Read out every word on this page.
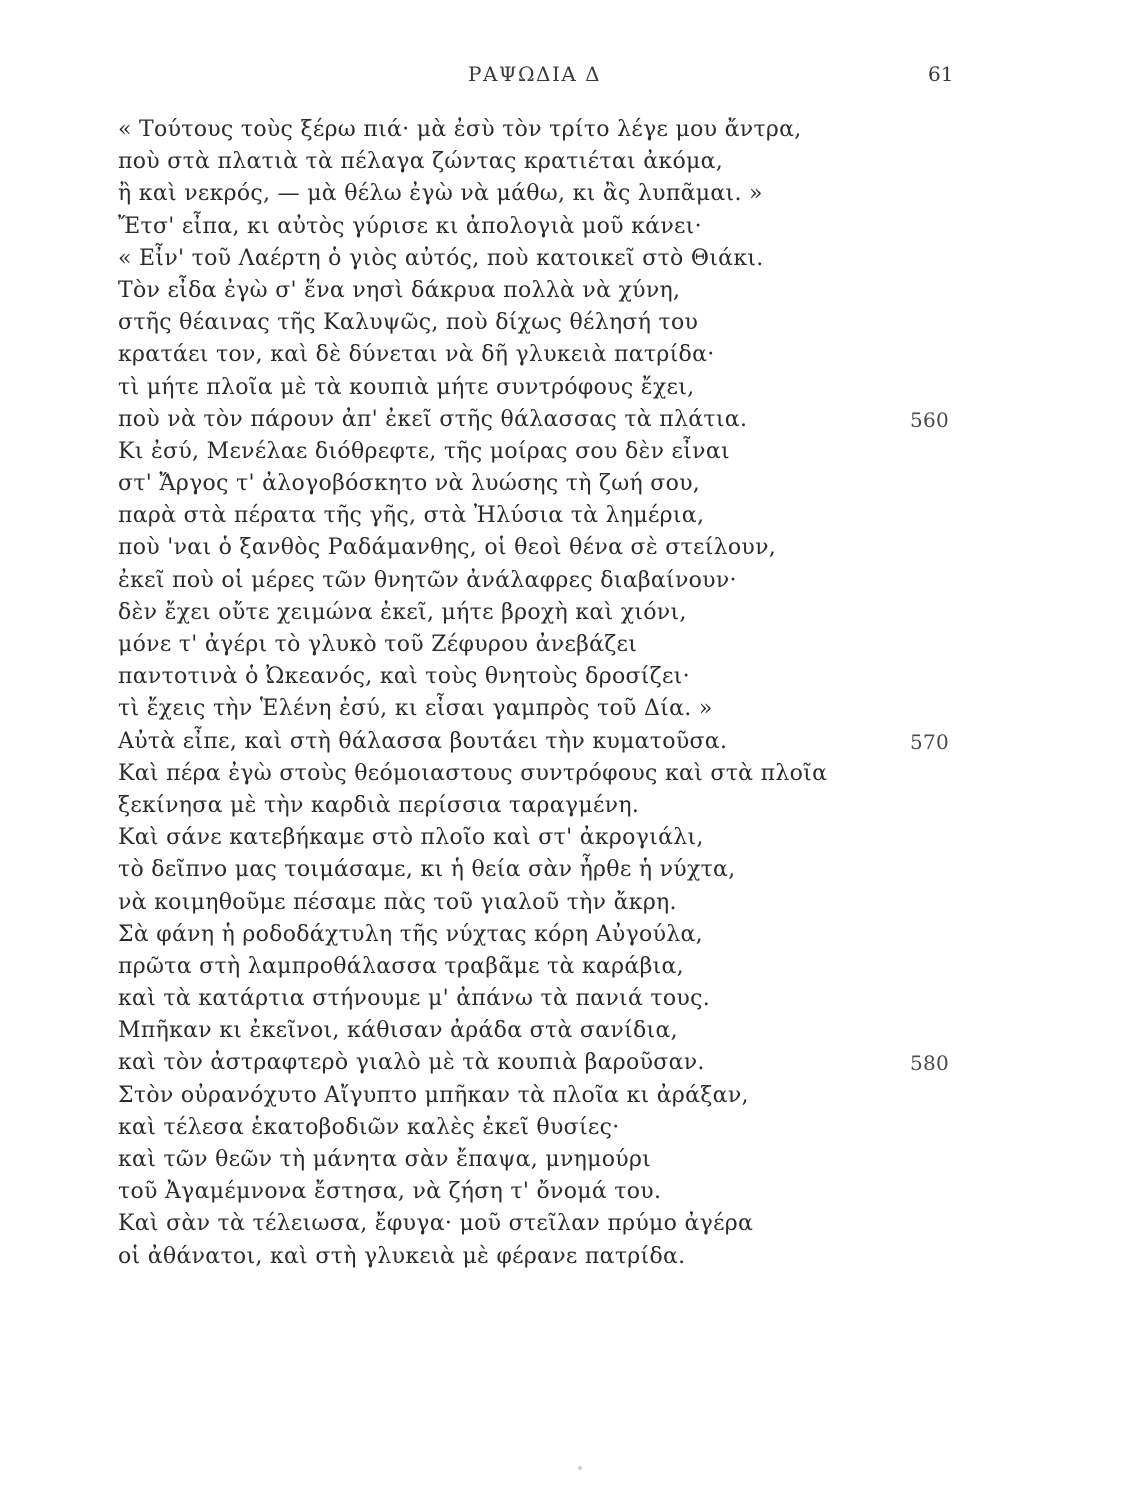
ΡΑΨΩΔΙΑ Δ	61
« Τούτους τοὺς ξέρω πιά· μὰ ἐσὺ τὸν τρίτο λέγε μου ἄντρα,
ποὺ στὰ πλατιὰ τὰ πέλαγα ζώντας κρατιέται ἀκόμα,
ἢ καὶ νεκρός, — μὰ θέλω ἐγὼ νὰ μάθω, κι ἂς λυπᾶμαι. »
Ἔτσ' εἶπα, κι αὐτὸς γύρισε κι ἀπολογιὰ μοῦ κάνει·
« Εἶν' τοῦ Λαέρτη ὁ γιὸς αὐτός, ποὺ κατοικεῖ στὸ Θιάκι.
Τὸν εἶδα ἐγὼ σ' ἕνα νησὶ δάκρυα πολλὰ νὰ χύνη,
στῆς θέαινας τῆς Καλυψῶς, ποὺ δίχως θέλησή του
κρατάει τον, καὶ δὲ δύνεται νὰ δῆ γλυκειὰ πατρίδα·
τὶ μήτε πλοῖα μὲ τὰ κουπιὰ μήτε συντρόφους ἔχει,
ποὺ νὰ τὸν πάρουν ἀπ' ἐκεῖ στῆς θάλασσας τὰ πλάτια.	560
Κι ἐσύ, Μενέλαε διόθρεφτε, τῆς μοίρας σου δὲν εἶναι
στ' Ἄργος τ' ἀλογοβόσκητο νὰ λυώσης τὴ ζωή σου,
παρὰ στὰ πέρατα τῆς γῆς, στὰ Ἠλύσια τὰ λημέρια,
ποὺ 'ναι ὁ ξανθὸς Ραδάμανθης, οἱ θεοὶ θένα σὲ στείλουν,
ἐκεῖ ποὺ οἱ μέρες τῶν θνητῶν ἀνάλαφρες διαβαίνουν·
δὲν ἔχει οὔτε χειμώνα ἐκεῖ, μήτε βροχὴ καὶ χιόνι,
μόνε τ' ἀγέρι τὸ γλυκὸ τοῦ Ζέφυρου ἀνεβάζει
παντοτινὰ ὁ Ὠκεανός, καὶ τοὺς θνητοὺς δροσίζει·
τὶ ἔχεις τὴν Ἑλένη ἐσύ, κι εἶσαι γαμπρὸς τοῦ Δία. »
Αὐτὰ εἶπε, καὶ στὴ θάλασσα βουτάει τὴν κυματοῦσα.	570
Καὶ πέρα ἐγὼ στοὺς θεόμοιαστους συντρόφους καὶ στὰ πλοῖα
ξεκίνησα μὲ τὴν καρδιὰ περίσσια ταραγμένη.
Καὶ σάνε κατεβήκαμε στὸ πλοῖο καὶ στ' ἀκρογιάλι,
τὸ δεῖπνο μας τοιμάσαμε, κι ἡ θεία σὰν ἦρθε ἡ νύχτα,
νὰ κοιμηθοῦμε πέσαμε πὰς τοῦ γιαλοῦ τὴν ἄκρη.
Σὰ φάνη ἡ ροδοδάχτυλη τῆς νύχτας κόρη Αὐγούλα,
πρῶτα στὴ λαμπροθάλασσα τραβᾶμε τὰ καράβια,
καὶ τὰ κατάρτια στήνουμε μ' ἀπάνω τὰ πανιά τους.
Μπῆκαν κι ἐκεῖνοι, κάθισαν ἀράδα στὰ σανίδια,
καὶ τὸν ἀστραφτερὸ γιαλὸ μὲ τὰ κουπιὰ βαροῦσαν.	580
Στὸν οὐρανόχυτο Αἴγυπτο μπῆκαν τὰ πλοῖα κι ἀράξαν,
καὶ τέλεσα ἑκατοβοδιῶν καλὲς ἐκεῖ θυσίες·
καὶ τῶν θεῶν τὴ μάνητα σὰν ἔπαψα, μνημούρι
τοῦ Ἀγαμέμνονα ἔστησα, νὰ ζήση τ' ὄνομά του.
Καὶ σὰν τὰ τέλειωσα, ἔφυγα· μοῦ στεῖλαν πρύμο ἀγέρα
οἱ ἀθάνατοι, καὶ στὴ γλυκειὰ μὲ φέρανε πατρίδα.
